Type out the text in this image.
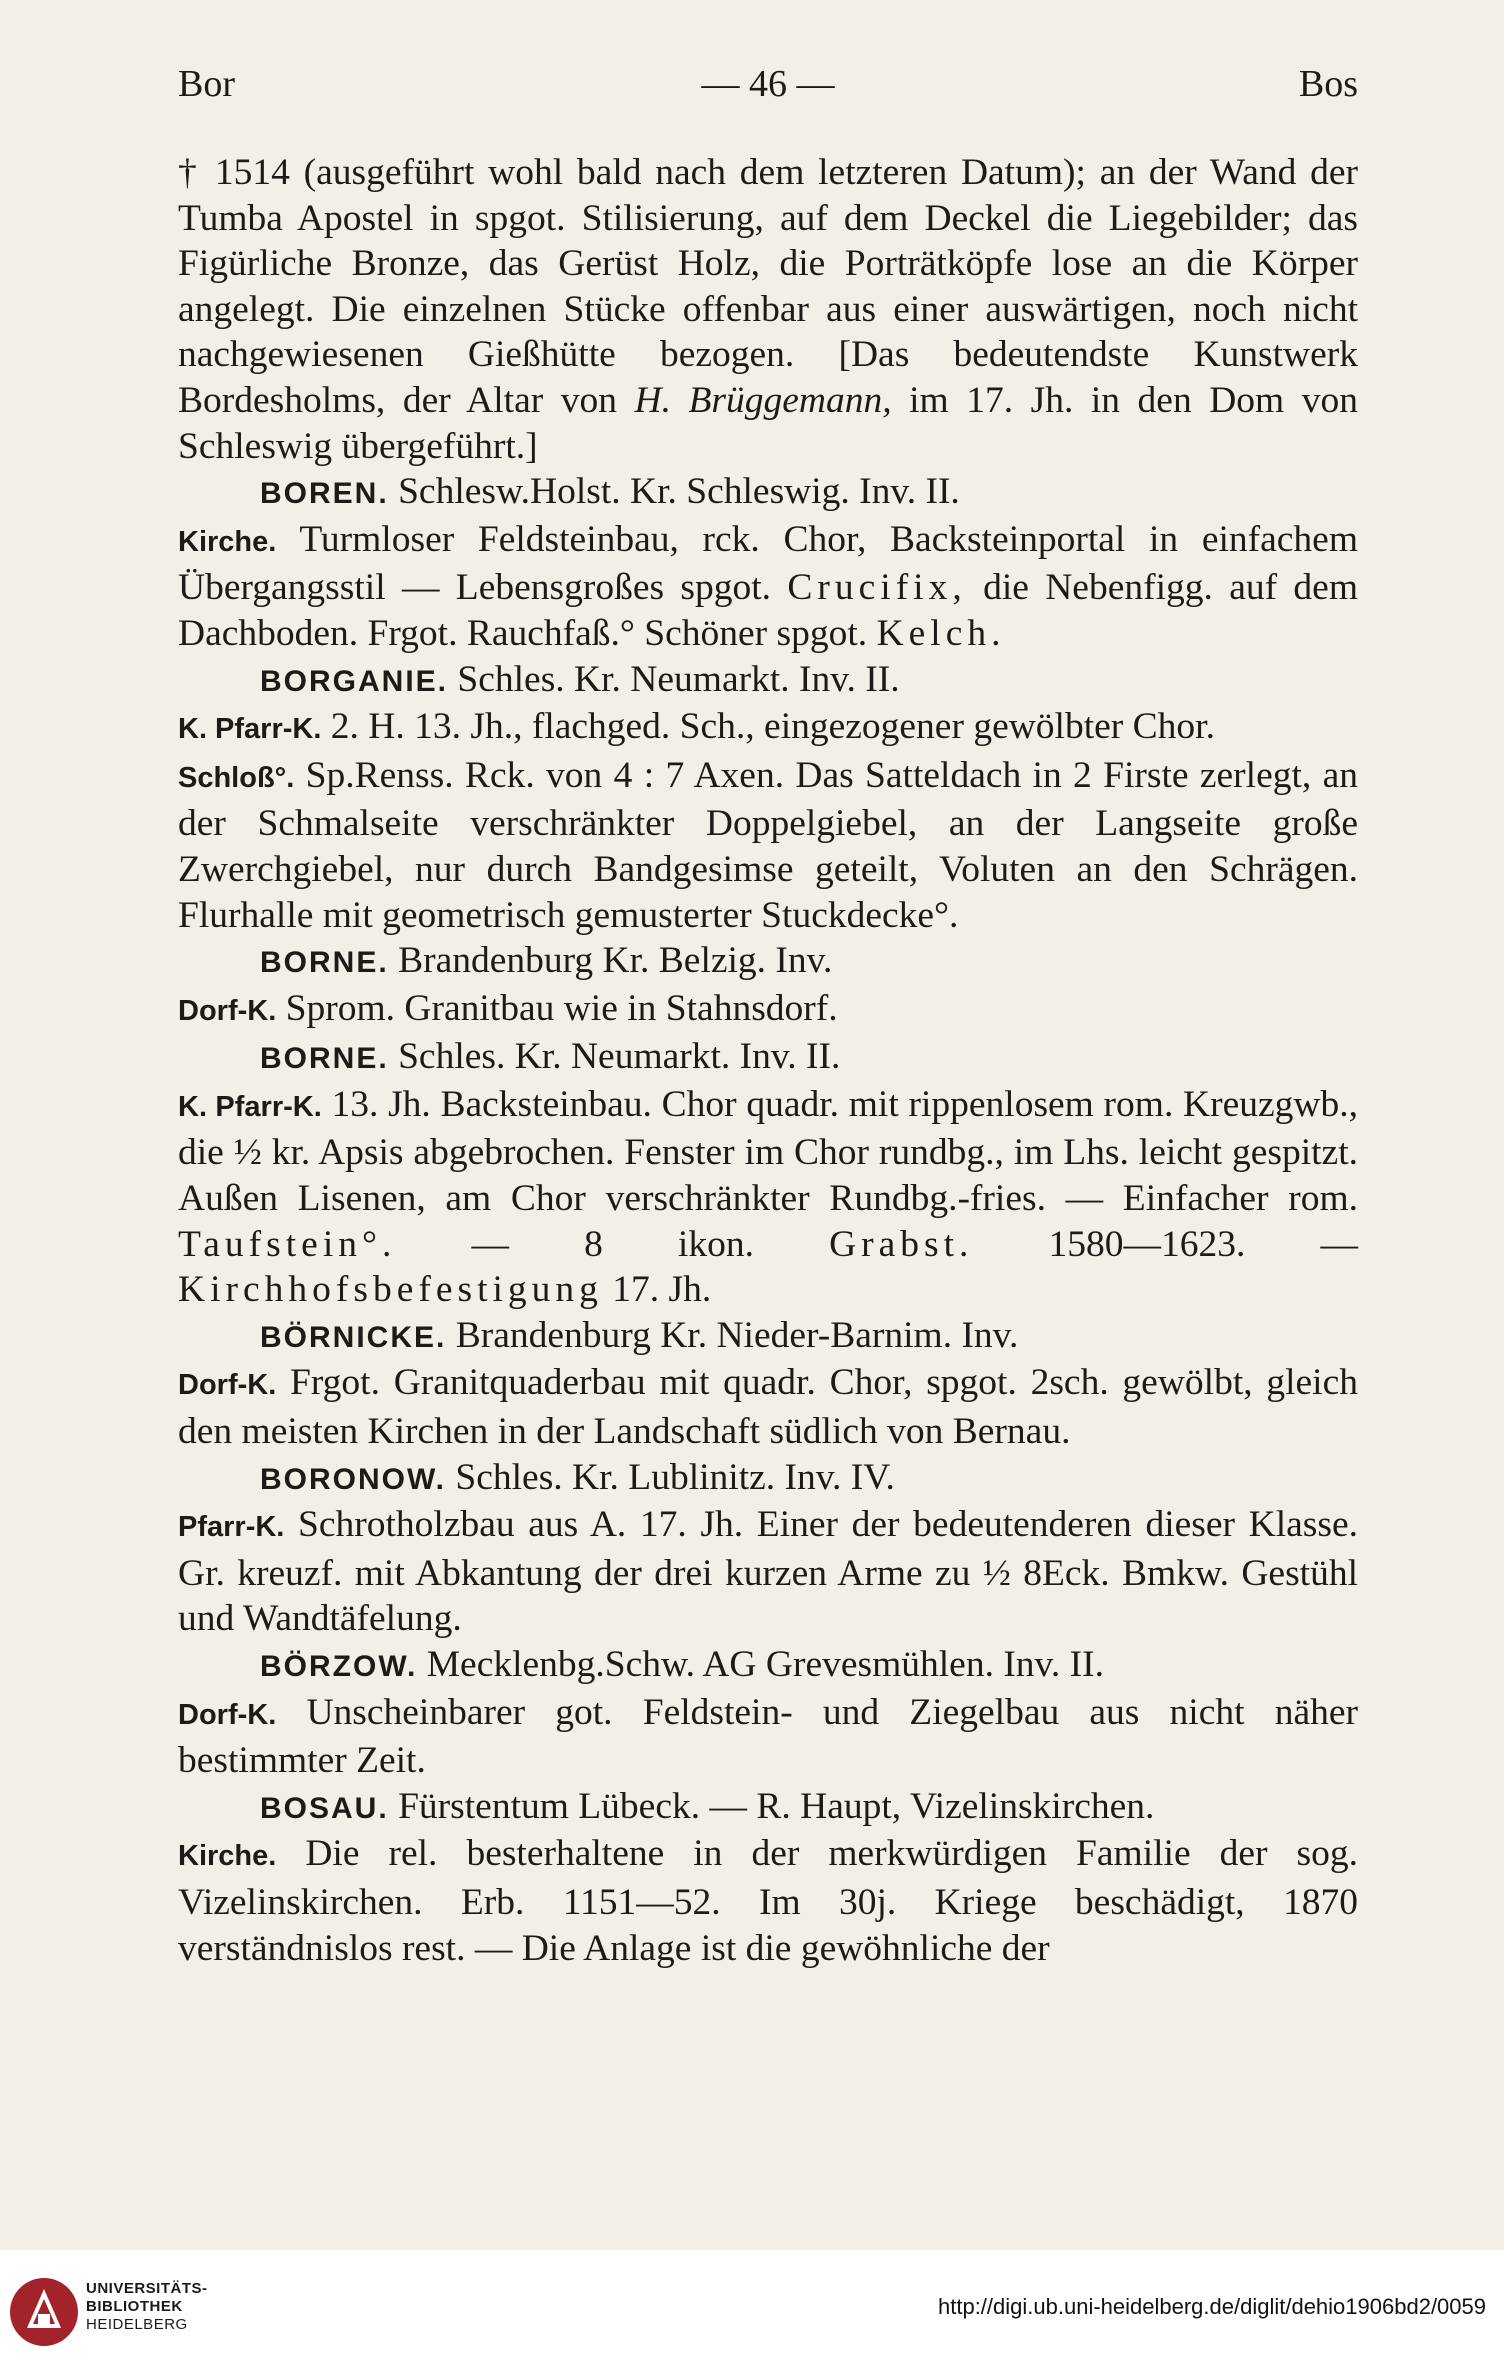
Bor	— 46 —	Bos

† 1514 (ausgeführt wohl bald nach dem letzteren Datum); an der Wand der Tumba Apostel in spgot. Stilisierung, auf dem Deckel die Liegebilder; das Figürliche Bronze, das Gerüst Holz, die Porträtköpfe lose an die Körper angelegt. Die einzelnen Stücke offenbar aus einer auswärtigen, noch nicht nachgewiesenen Gießhütte bezogen. [Das bedeutendste Kunstwerk Bordesholms, der Altar von H. Brüggemann, im 17. Jh. in den Dom von Schleswig übergeführt.]

BOREN. Schlesw.Holst. Kr. Schleswig. Inv. II.

Kirche. Turmloser Feldsteinbau, rck. Chor, Backsteinportal in einfachem Übergangsstil — Lebensgroßes spgot. Crucifix, die Nebenfigg. auf dem Dachboden. Frgot. Rauchfaß.° Schöner spgot. Kelch.

BORGANIE. Schles. Kr. Neumarkt. Inv. II.

K. Pfarr-K. 2. H. 13. Jh., flachged. Sch., eingezogener gewölbter Chor.

Schloß°. Sp.Renss. Rck. von 4 : 7 Axen. Das Satteldach in 2 Firste zerlegt, an der Schmalseite verschränkter Doppelgiebel, an der Langseite große Zwerchgiebel, nur durch Bandgesimse geteilt, Voluten an den Schrägen. Flurhalle mit geometrisch gemusterter Stuckdecke°.

BORNE. Brandenburg Kr. Belzig. Inv.

Dorf-K. Sprom. Granitbau wie in Stahnsdorf.

BORNE. Schles. Kr. Neumarkt. Inv. II.

K. Pfarr-K. 13. Jh. Backsteinbau. Chor quadr. mit rippenlosem rom. Kreuzgwb., die ½ kr. Apsis abgebrochen. Fenster im Chor rundbg., im Lhs. leicht gespitzt. Außen Lisenen, am Chor verschränkter Rundbg.-fries. — Einfacher rom. Taufstein°. — 8 ikon. Grabst. 1580—1623. — Kirchhofsbefestigung 17. Jh.

BÖRNICKE. Brandenburg Kr. Nieder-Barnim. Inv.

Dorf-K. Frgot. Granitquaderbau mit quadr. Chor, spgot. 2sch. gewölbt, gleich den meisten Kirchen in der Landschaft südlich von Bernau.

BORONOW. Schles. Kr. Lublinitz. Inv. IV.

Pfarr-K. Schrotholzbau aus A. 17. Jh. Einer der bedeutenderen dieser Klasse. Gr. kreuzf. mit Abkantung der drei kurzen Arme zu ½ 8Eck. Bmkw. Gestühl und Wandtäfelung.

BÖRZOW. Mecklenbg.Schw. AG Grevesmühlen. Inv. II.

Dorf-K. Unscheinbarer got. Feldstein- und Ziegelbau aus nicht näher bestimmter Zeit.

BOSAU. Fürstentum Lübeck. — R. Haupt, Vizelinskirchen.

Kirche. Die rel. besterhaltene in der merkwürdigen Familie der sog. Vizelinskirchen. Erb. 1151—52. Im 30j. Kriege beschädigt, 1870 verständnislos rest. — Die Anlage ist die gewöhnliche der

UNIVERSITÄTS-
BIBLIOTHEK
HEIDELBERG
http://digi.ub.uni-heidelberg.de/diglit/dehio1906bd2/0059
